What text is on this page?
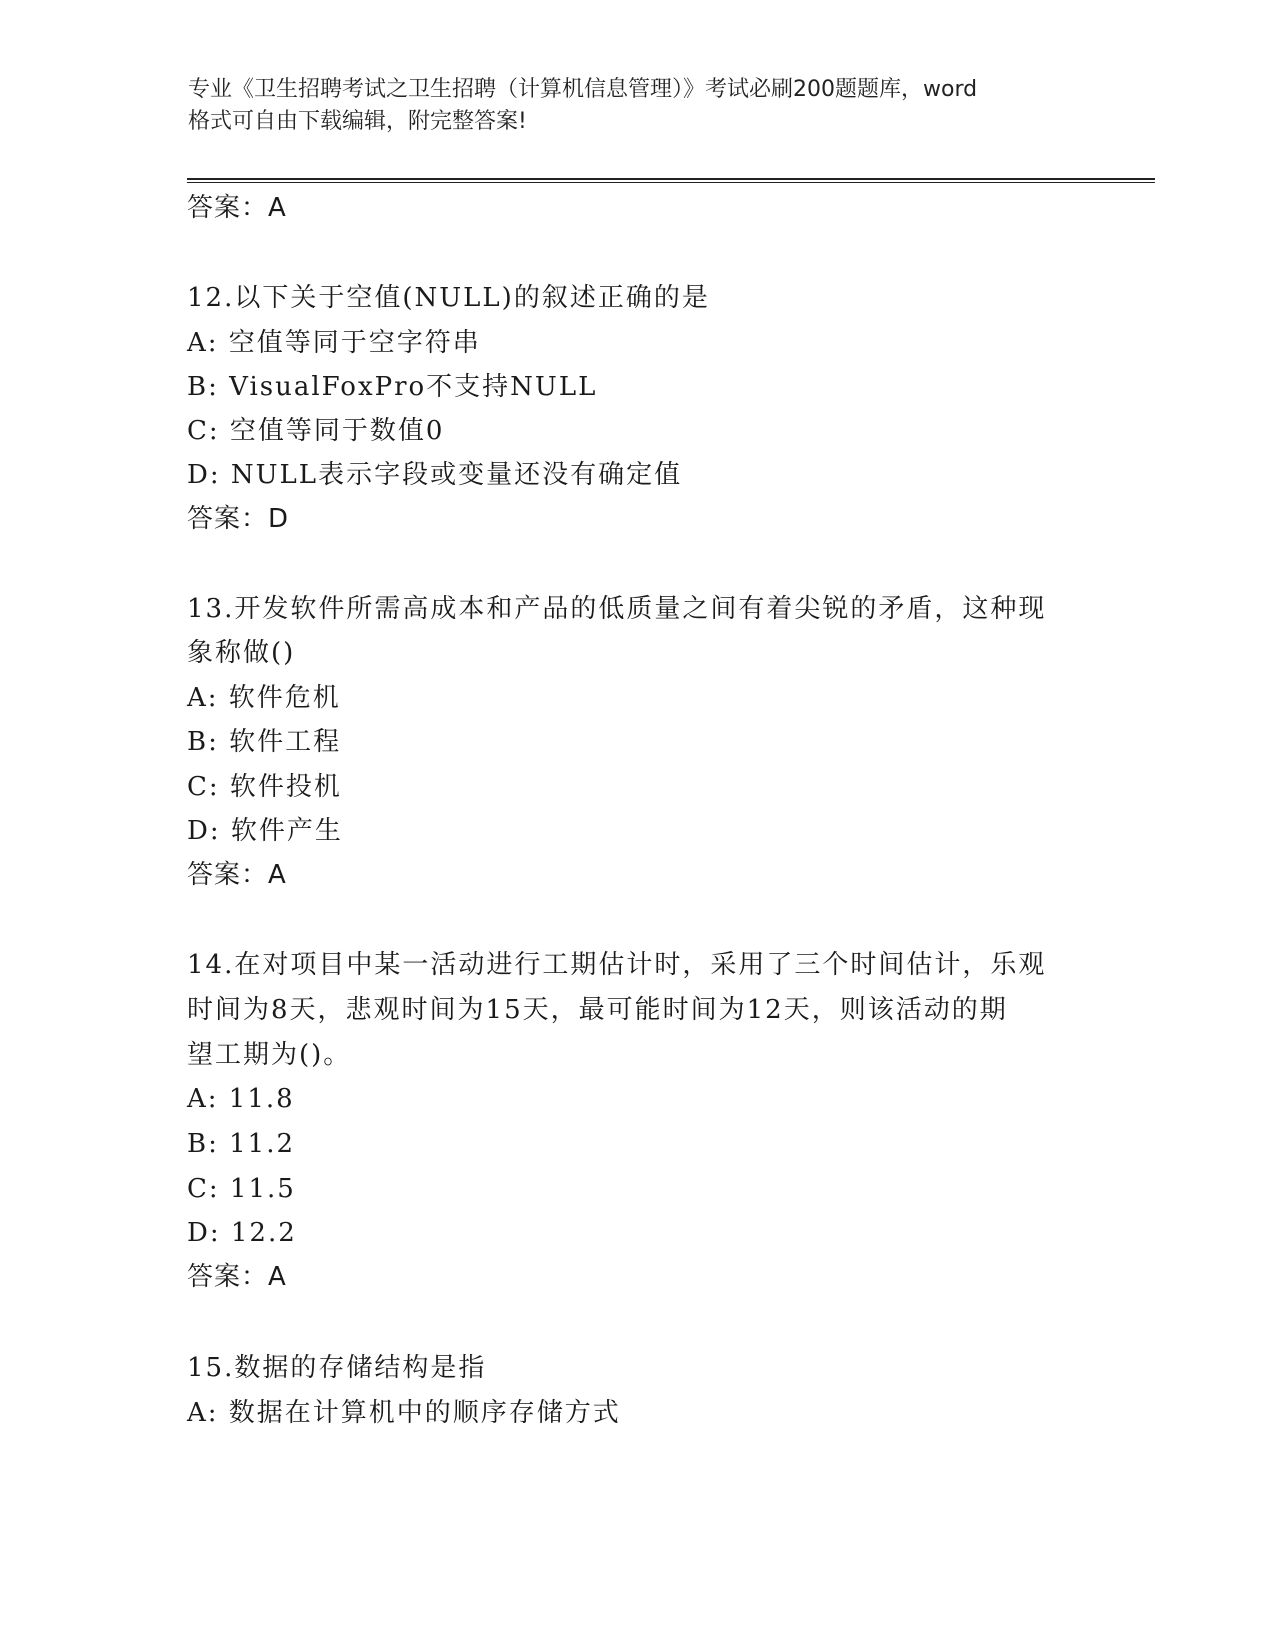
专业《卫生招聘考试之卫生招聘（计算机信息管理）》考试必刷200题题库，word
格式可自由下载编辑，附完整答案!
答案：A
12.以下关于空值(NULL)的叙述正确的是
A: 空值等同于空字符串
B: VisualFoxPro不支持NULL
C: 空值等同于数值0
D: NULL表示字段或变量还没有确定值
答案：D
13.开发软件所需高成本和产品的低质量之间有着尖锐的矛盾，这种现
象称做()
A: 软件危机
B: 软件工程
C: 软件投机
D: 软件产生
答案：A
14.在对项目中某一活动进行工期估计时，采用了三个时间估计，乐观
时间为8天，悲观时间为15天，最可能时间为12天，则该活动的期
望工期为()。
A: 11.8
B: 11.2
C: 11.5
D: 12.2
答案：A
15.数据的存储结构是指
A: 数据在计算机中的顺序存储方式
